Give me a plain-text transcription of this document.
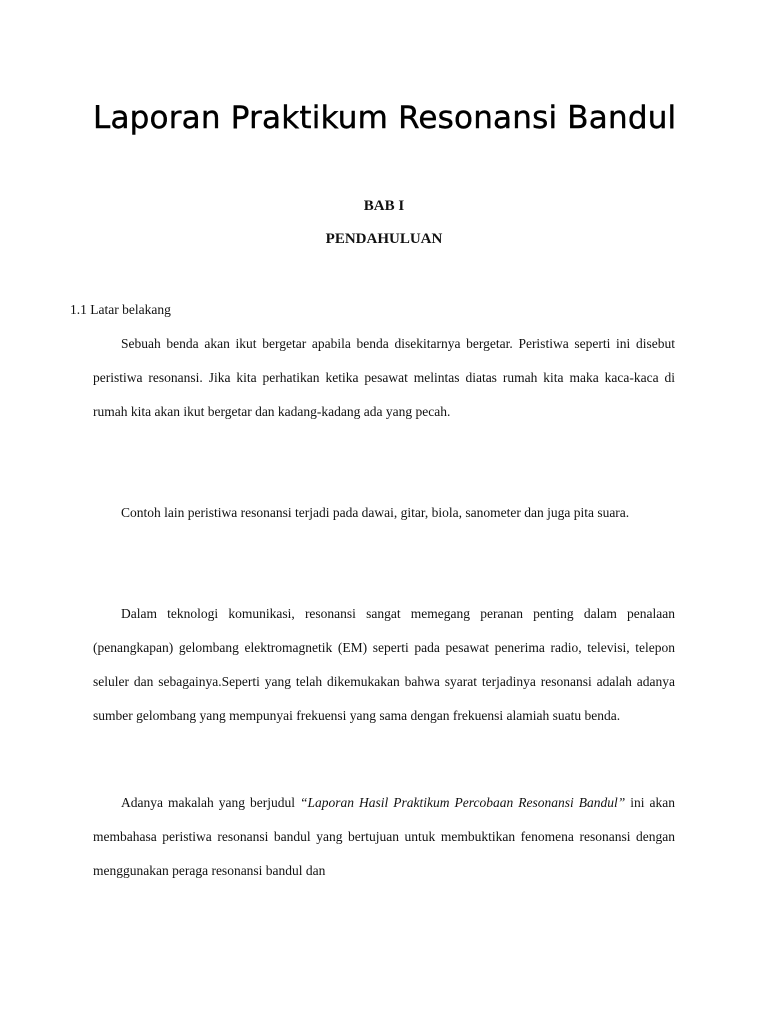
Laporan Praktikum Resonansi Bandul
BAB I
PENDAHULUAN
1.1 Latar belakang

Sebuah benda akan ikut bergetar apabila benda disekitarnya bergetar. Peristiwa seperti ini disebut peristiwa resonansi. Jika kita perhatikan ketika pesawat melintas diatas rumah kita maka kaca-kaca di rumah kita akan ikut bergetar dan kadang-kadang ada yang pecah.

Contoh lain peristiwa resonansi terjadi pada dawai, gitar, biola, sanometer dan juga pita suara.

Dalam teknologi komunikasi, resonansi sangat memegang peranan penting dalam penalaan (penangkapan) gelombang elektromagnetik (EM) seperti pada pesawat penerima radio, televisi, telepon seluler dan sebagainya.Seperti yang telah dikemukakan bahwa syarat terjadinya resonansi adalah adanya sumber gelombang yang mempunyai frekuensi yang sama dengan frekuensi alamiah suatu benda.

Adanya makalah yang berjudul “Laporan Hasil Praktikum Percobaan Resonansi Bandul” ini akan membahasa peristiwa resonansi bandul yang bertujuan untuk membuktikan fenomena resonansi dengan menggunakan peraga resonansi bandul dan
